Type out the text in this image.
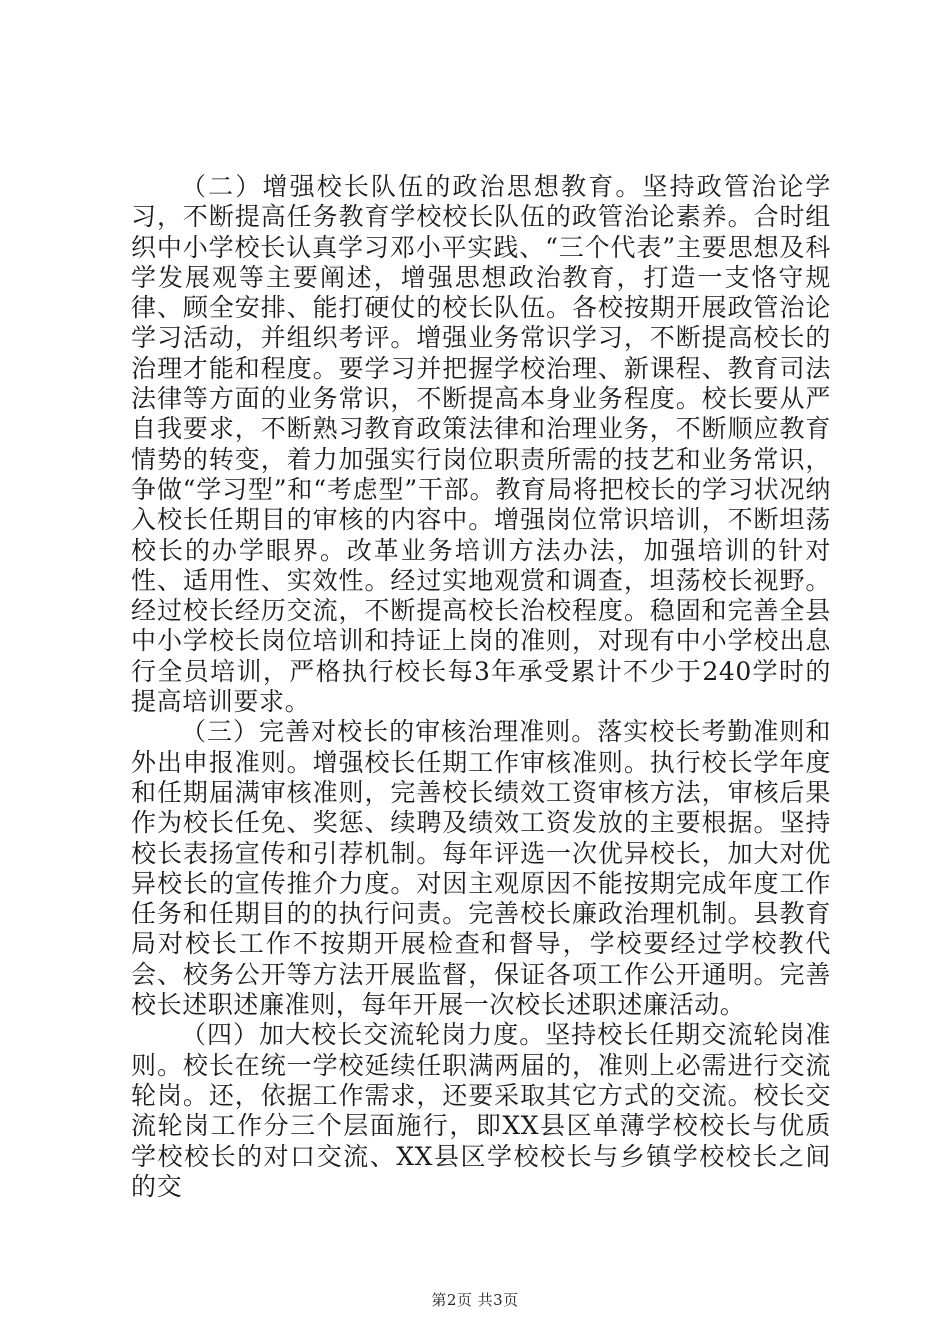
（二）增强校长队伍的政治思想教育。坚持政管治论学习，不断提高任务教育学校校长队伍的政管治论素养。合时组织中小学校长认真学习邓小平实践、“三个代表”主要思想及科学发展观等主要阐述，增强思想政治教育，打造一支恪守规律、顾全安排、能打硬仗的校长队伍。各校按期开展政管治论学习活动，并组织考评。增强业务常识学习，不断提高校长的治理才能和程度。要学习并把握学校治理、新课程、教育司法法律等方面的业务常识，不断提高本身业务程度。校长要从严自我要求，不断熟习教育政策法律和治理业务，不断顺应教育情势的转变，着力加强实行岗位职责所需的技艺和业务常识，争做“学习型”和“考虑型”干部。教育局将把校长的学习状况纳入校长任期目的审核的内容中。增强岗位常识培训，不断坦荡校长的办学眼界。改革业务培训方法办法，加强培训的针对性、适用性、实效性。经过实地观赏和调查，坦荡校长视野。经过校长经历交流，不断提高校长治校程度。稳固和完善全县中小学校长岗位培训和持证上岗的准则，对现有中小学校出息行全员培训，严格执行校长每3年承受累计不少于240学时的提高培训要求。

（三）完善对校长的审核治理准则。落实校长考勤准则和外出申报准则。增强校长任期工作审核准则。执行校长学年度和任期届满审核准则，完善校长绩效工资审核方法，审核后果作为校长任免、奖惩、续聘及绩效工资发放的主要根据。坚持校长表扬宣传和引荐机制。每年评选一次优异校长，加大对优异校长的宣传推介力度。对因主观原因不能按期完成年度工作任务和任期目的的执行问责。完善校长廉政治理机制。县教育局对校长工作不按期开展检查和督导，学校要经过学校教代会、校务公开等方法开展监督，保证各项工作公开通明。完善校长述职述廉准则，每年开展一次校长述职述廉活动。

（四）加大校长交流轮岗力度。坚持校长任期交流轮岗准则。校长在统一学校延续任职满两届的，准则上必需进行交流轮岗。还，依据工作需求，还要采取其它方式的交流。校长交流轮岗工作分三个层面施行，即XX县区单薄学校校长与优质学校校长的对口交流、XX县区学校校长与乡镇学校校长之间的交

第2页 共3页
